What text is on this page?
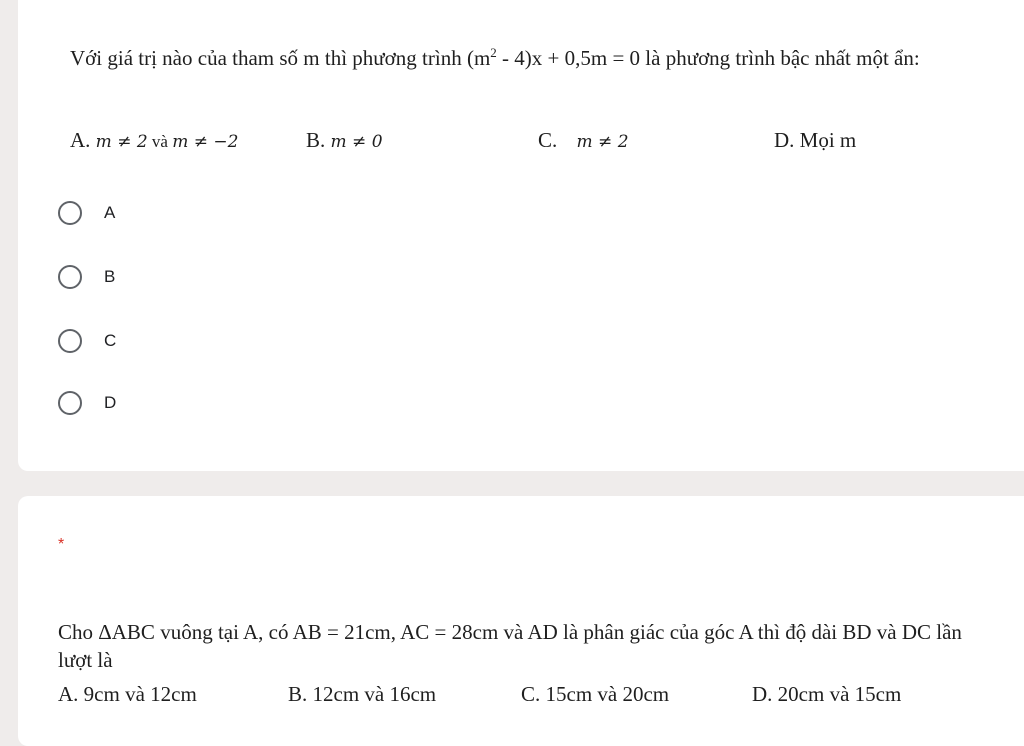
Với giá trị nào của tham số m thì phương trình $(m^2 - 4)x + 0,5m = 0$ là phương trình bậc nhất một ẩn:
A. m ≠ 2 và m ≠ −2	B. m ≠ 0	C. m ≠ 2	D. Mọi m
A
B
C
D
*
Cho ΔABC vuông tại A, có AB = 21cm, AC = 28cm và AD là phân giác của góc A thì độ dài BD và DC lần lượt là
A. 9cm và 12cm	B. 12cm và 16cm	C. 15cm và 20cm	D. 20cm và 15cm
